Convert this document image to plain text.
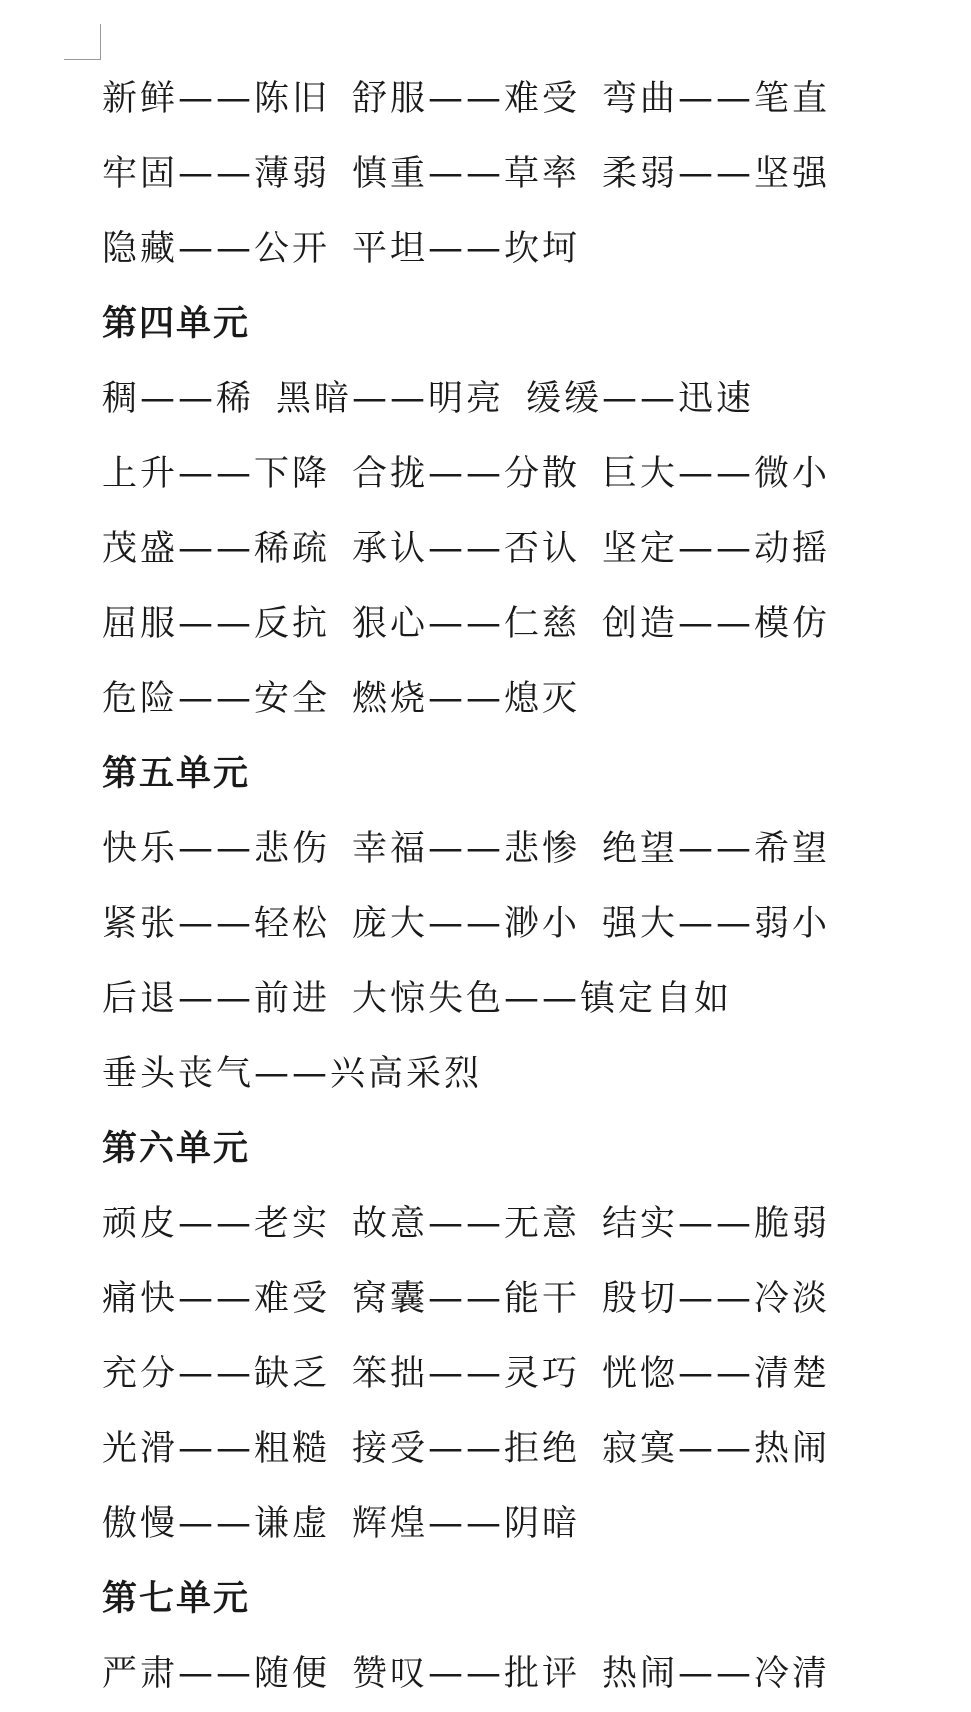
新鲜——陈旧 舒服——难受 弯曲——笔直
牢固——薄弱 慎重——草率 柔弱——坚强
隐藏——公开 平坦——坎坷
第四单元
稠——稀 黑暗——明亮 缓缓——迅速
上升——下降 合拢——分散 巨大——微小
茂盛——稀疏 承认——否认 坚定——动摇
屈服——反抗 狠心——仁慈 创造——模仿
危险——安全 燃烧——熄灭
第五单元
快乐——悲伤 幸福——悲惨 绝望——希望
紧张——轻松 庞大——渺小 强大——弱小
后退——前进 大惊失色——镇定自如
垂头丧气——兴高采烈
第六单元
顽皮——老实 故意——无意 结实——脆弱
痛快——难受 窝囊——能干 殷切——冷淡
充分——缺乏 笨拙——灵巧 恍惚——清楚
光滑——粗糙 接受——拒绝 寂寞——热闹
傲慢——谦虚 辉煌——阴暗
第七单元
严肃——随便 赞叹——批评 热闹——冷清
